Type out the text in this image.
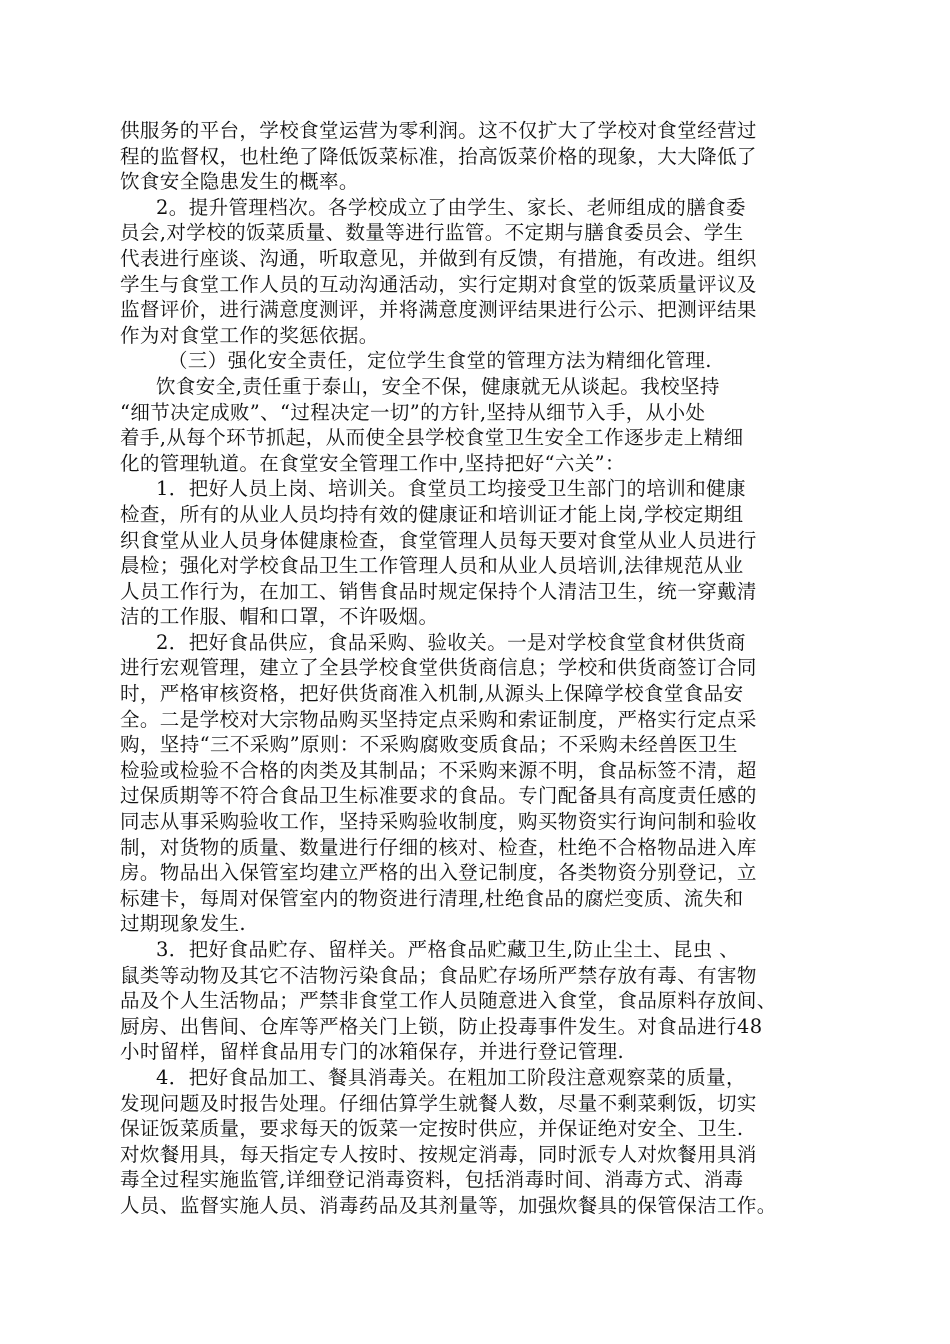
供服务的平台，学校食堂运营为零利润。这不仅扩大了学校对食堂经营过
程的监督权，也杜绝了降低饭菜标准，抬高饭菜价格的现象，大大降低了
饮食安全隐患发生的概率。
2。提升管理档次。各学校成立了由学生、家长、老师组成的膳食委
员会,对学校的饭菜质量、数量等进行监管。不定期与膳食委员会、学生
代表进行座谈、沟通，听取意见，并做到有反馈，有措施，有改进。组织
学生与食堂工作人员的互动沟通活动，实行定期对食堂的饭菜质量评议及
监督评价，进行满意度测评，并将满意度测评结果进行公示、把测评结果
作为对食堂工作的奖惩依据。
（三）强化安全责任，定位学生食堂的管理方法为精细化管理.
饮食安全,责任重于泰山，安全不保，健康就无从谈起。我校坚持
“细节决定成败”、“过程决定一切”的方针,坚持从细节入手，从小处
着手,从每个环节抓起，从而使全县学校食堂卫生安全工作逐步走上精细
化的管理轨道。在食堂安全管理工作中,坚持把好“六关”：
1．把好人员上岗、培训关。食堂员工均接受卫生部门的培训和健康
检查，所有的从业人员均持有效的健康证和培训证才能上岗,学校定期组
织食堂从业人员身体健康检查，食堂管理人员每天要对食堂从业人员进行
晨检；强化对学校食品卫生工作管理人员和从业人员培训,法律规范从业
人员工作行为，在加工、销售食品时规定保持个人清洁卫生，统一穿戴清
洁的工作服、帽和口罩，不许吸烟。
2．把好食品供应，食品采购、验收关。一是对学校食堂食材供货商
进行宏观管理，建立了全县学校食堂供货商信息；学校和供货商签订合同
时，严格审核资格，把好供货商准入机制,从源头上保障学校食堂食品安
全。二是学校对大宗物品购买坚持定点采购和索证制度，严格实行定点采
购，坚持“三不采购”原则：不采购腐败变质食品；不采购未经兽医卫生
检验或检验不合格的肉类及其制品；不采购来源不明，食品标签不清，超
过保质期等不符合食品卫生标准要求的食品。专门配备具有高度责任感的
同志从事采购验收工作，坚持采购验收制度，购买物资实行询问制和验收
制，对货物的质量、数量进行仔细的核对、检查，杜绝不合格物品进入库
房。物品出入保管室均建立严格的出入登记制度，各类物资分别登记，立
标建卡，每周对保管室内的物资进行清理,杜绝食品的腐烂变质、流失和
过期现象发生.
3．把好食品贮存、留样关。严格食品贮藏卫生,防止尘土、昆虫 、
鼠类等动物及其它不洁物污染食品；食品贮存场所严禁存放有毒、有害物
品及个人生活物品；严禁非食堂工作人员随意进入食堂，食品原料存放间、
厨房、出售间、仓库等严格关门上锁，防止投毒事件发生。对食品进行48
小时留样，留样食品用专门的冰箱保存，并进行登记管理.
4．把好食品加工、餐具消毒关。在粗加工阶段注意观察菜的质量，
发现问题及时报告处理。仔细估算学生就餐人数，尽量不剩菜剩饭，切实
保证饭菜质量，要求每天的饭菜一定按时供应，并保证绝对安全、卫生.
对炊餐用具，每天指定专人按时、按规定消毒，同时派专人对炊餐用具消
毒全过程实施监管,详细登记消毒资料，包括消毒时间、消毒方式、消毒
人员、监督实施人员、消毒药品及其剂量等，加强炊餐具的保管保洁工作。
